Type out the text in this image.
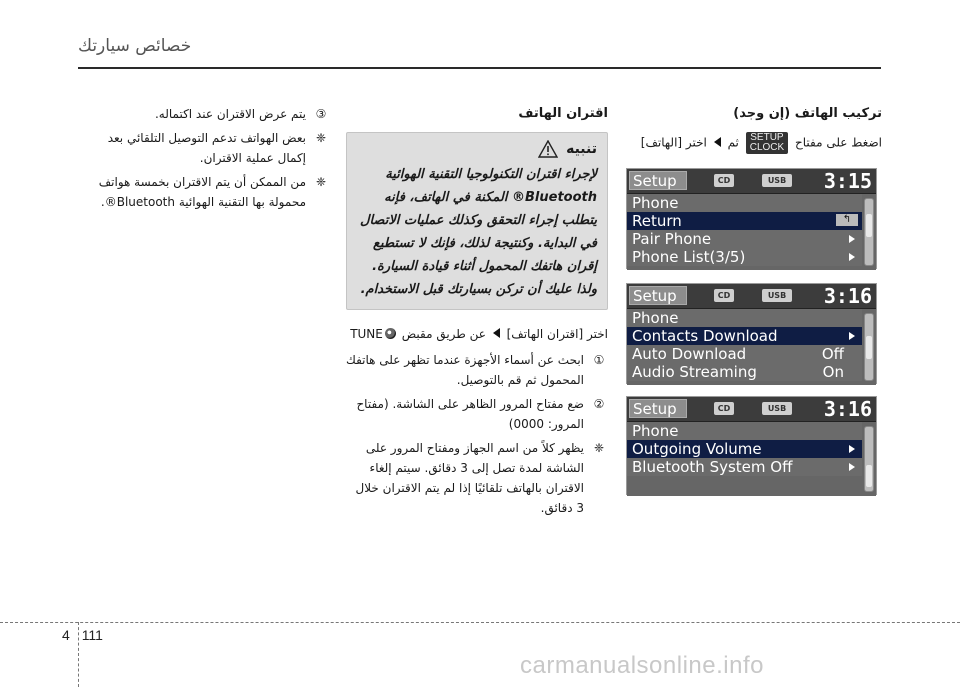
خصائص سيارتك
③
يتم عرض الاقتران عند اكتماله.
❈
بعض الهواتف تدعم التوصيل التلقائي بعد إكمال عملية الاقتران.
❈
من الممكن أن يتم الاقتران بخمسة هواتف محمولة بها التقنية الهوائية Bluetooth®.
اقتران الهاتف
تنبيه
لإجراء اقتران التكنولوجيا التقنية الهوائية Bluetooth® المكنة في الهاتف، فإنه يتطلب إجراء التحقق وكذلك عمليات الاتصال في البداية. وكنتيجة لذلك، فإنك لا تستطيع إقران هاتفك المحمول أثناء قيادة السيارة. ولذا عليك أن تركن بسيارتك قبل الاستخدام.
اختر [اقتران الهاتف]  عن طريق مقبض TUNE
①
ابحث عن أسماء الأجهزة عندما تظهر على هاتفك المحمول ثم قم بالتوصيل.
②
ضع مفتاح المرور الظاهر على الشاشة. (مفتاح المرور: 0000)
❈
يظهر كلاً من اسم الجهاز ومفتاح المرور على الشاشة لمدة تصل إلى 3 دقائق. سيتم إلغاء الاقتران بالهاتف تلقائيًا إذا لم يتم الاقتران خلال 3 دقائق.
تركيب الهاتف (إن وجد)
اضغط على مفتاح
SETUP
CLOCK
ثم  اختر [الهاتف]
Setup	CD	USB 3:15
Phone
Return	↰
Pair Phone
Phone List(3/5)
Setup	CD	USB 3:16
Phone
Contacts Download
Auto Download	Off
Audio Streaming	On
Setup	CD	USB 3:16
Phone
Outgoing Volume
Bluetooth System Off
4 111
carmanualsonline.info
